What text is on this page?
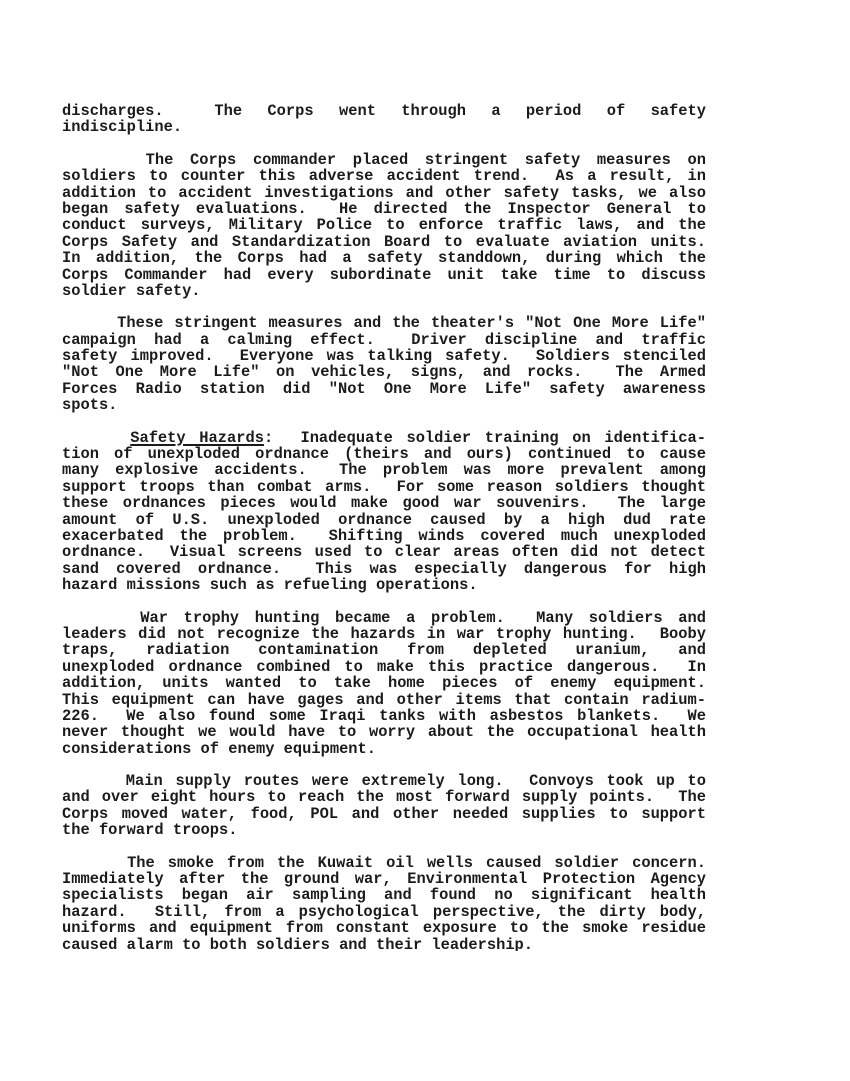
discharges.  The Corps went through a period of safety
indiscipline.
The Corps commander placed stringent safety measures on
soldiers to counter this adverse accident trend.  As a result, in
addition to accident investigations and other safety tasks, we also
began safety evaluations.  He directed the Inspector General to
conduct surveys, Military Police to enforce traffic laws, and the
Corps Safety and Standardization Board to evaluate aviation units.
In addition, the Corps had a safety standdown, during which the
Corps Commander had every subordinate unit take time to discuss
soldier safety.
These stringent measures and the theater's "Not One More Life"
campaign had a calming effect.  Driver discipline and traffic
safety improved.  Everyone was talking safety.  Soldiers stenciled
"Not One More Life" on vehicles, signs, and rocks.  The Armed
Forces Radio station did "Not One More Life" safety awareness
spots.
Safety Hazards:  Inadequate soldier training on identifica-
tion of unexploded ordnance (theirs and ours) continued to cause
many explosive accidents.  The problem was more prevalent among
support troops than combat arms.  For some reason soldiers thought
these ordnances pieces would make good war souvenirs.  The large
amount of U.S. unexploded ordnance caused by a high dud rate
exacerbated the problem.  Shifting winds covered much unexploded
ordnance.  Visual screens used to clear areas often did not detect
sand covered ordnance.  This was especially dangerous for high
hazard missions such as refueling operations.
War trophy hunting became a problem.  Many soldiers and
leaders did not recognize the hazards in war trophy hunting.  Booby
traps, radiation contamination from depleted uranium, and
unexploded ordnance combined to make this practice dangerous.  In
addition, units wanted to take home pieces of enemy equipment.
This equipment can have gages and other items that contain radium-
226.  We also found some Iraqi tanks with asbestos blankets.  We
never thought we would have to worry about the occupational health
considerations of enemy equipment.
Main supply routes were extremely long.  Convoys took up to
and over eight hours to reach the most forward supply points.  The
Corps moved water, food, POL and other needed supplies to support
the forward troops.
The smoke from the Kuwait oil wells caused soldier concern.
Immediately after the ground war, Environmental Protection Agency
specialists began air sampling and found no significant health
hazard.  Still, from a psychological perspective, the dirty body,
uniforms and equipment from constant exposure to the smoke residue
caused alarm to both soldiers and their leadership.
